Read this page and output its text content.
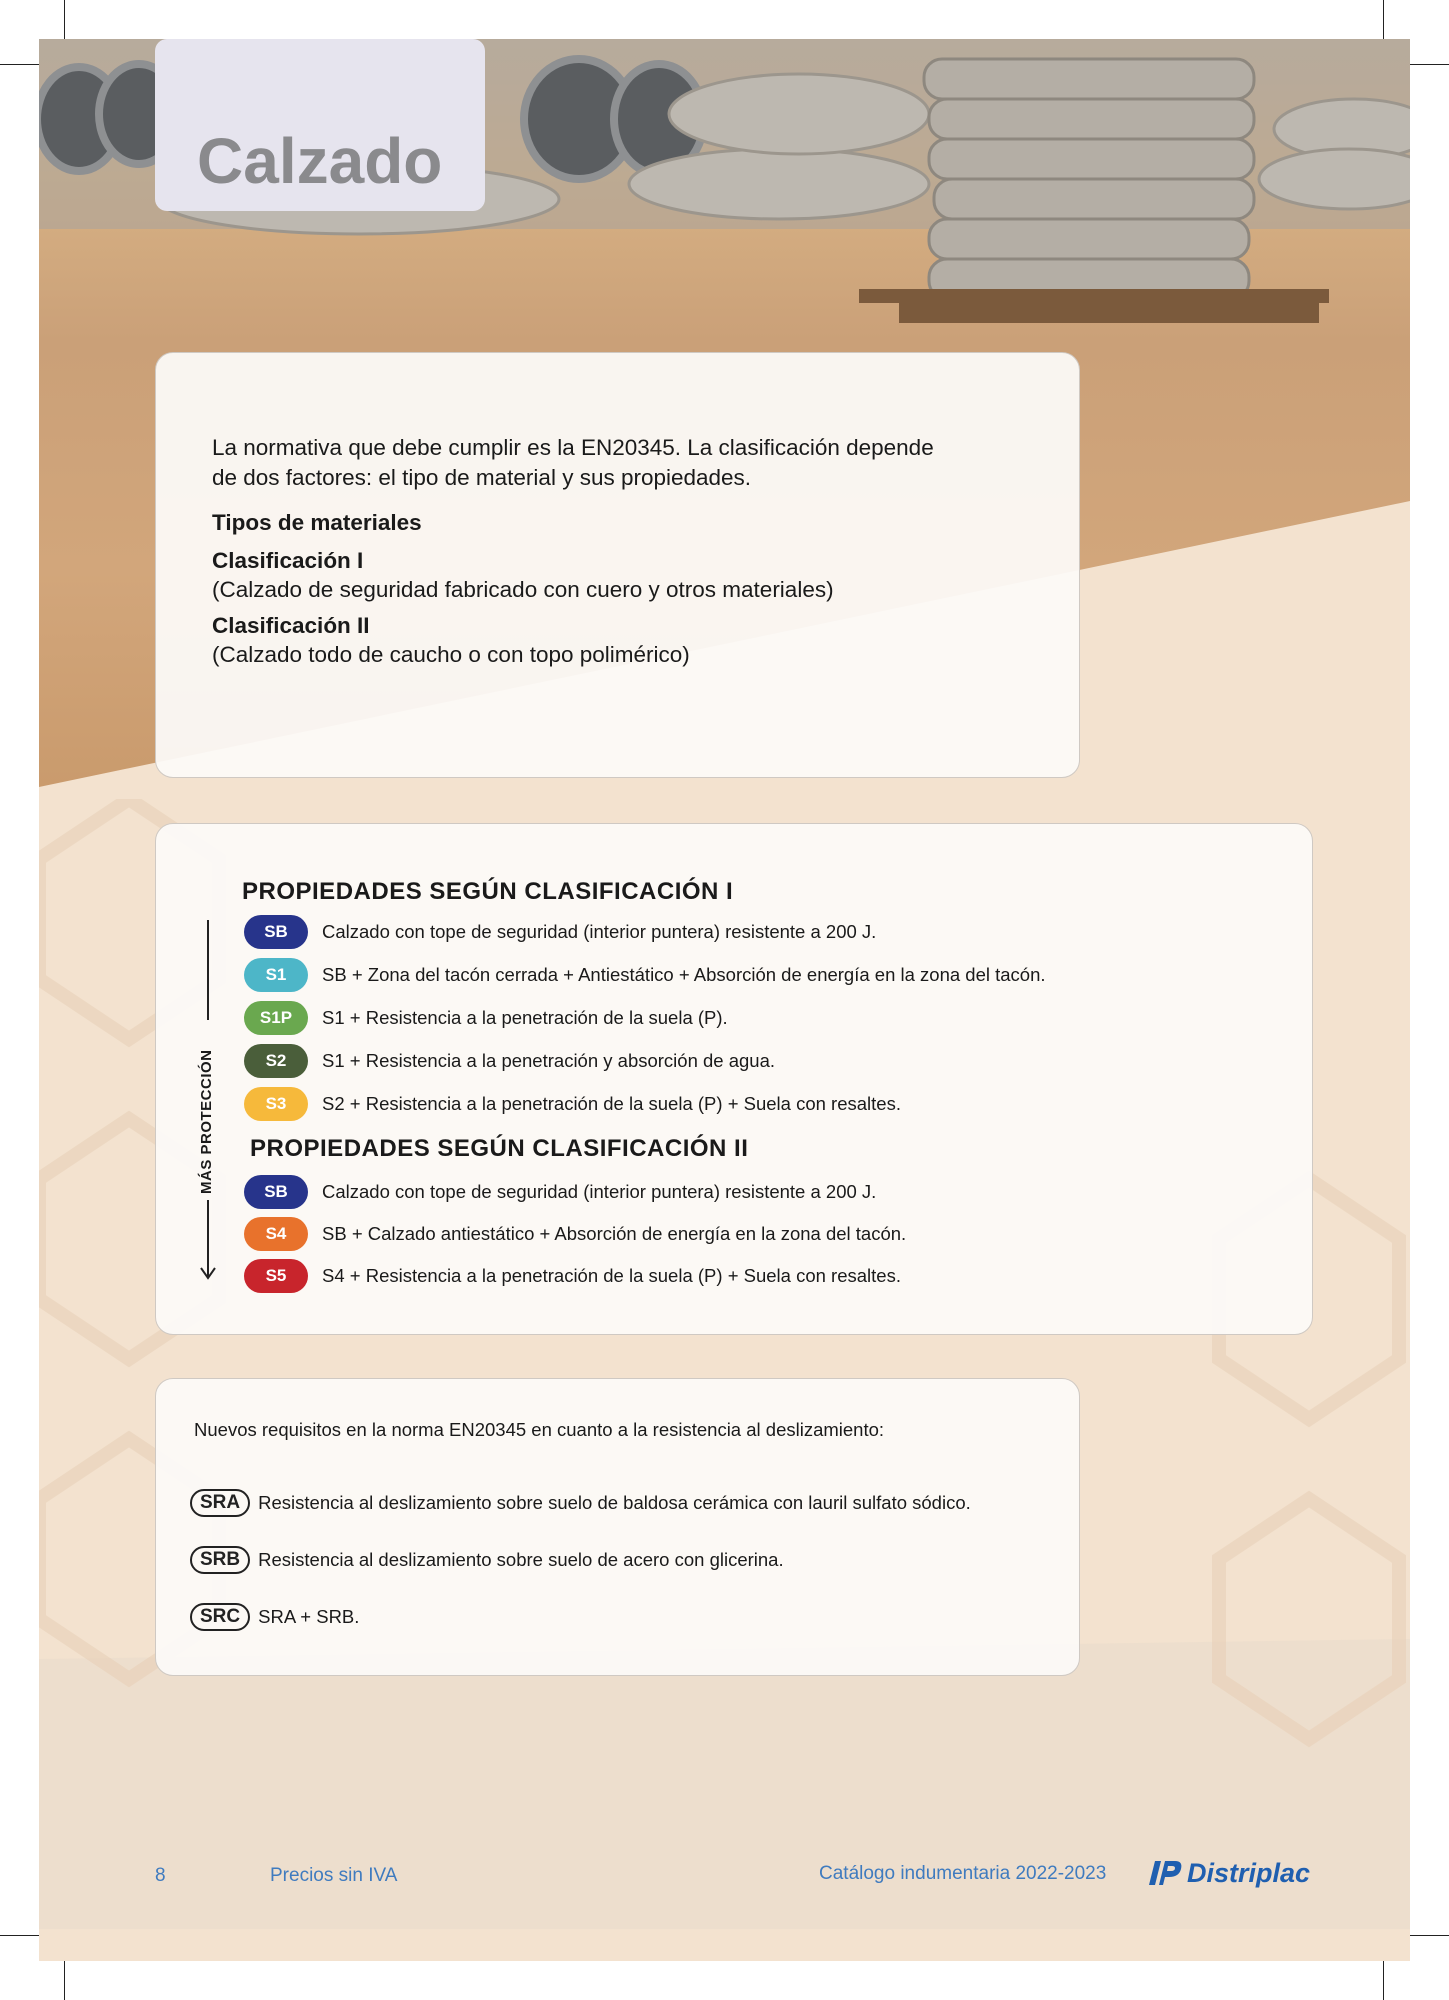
Calzado

La normativa que debe cumplir es la EN20345. La clasificación depende

de dos factores: el tipo de material y sus propiedades.

Tipos de materiales

Clasificación I

(Calzado de seguridad fabricado con cuero y otros materiales)

Clasificación II

(Calzado todo de caucho o con topo polimérico)

MÁS PROTECCIÓN
PROPIEDADES SEGÚN CLASIFICACIÓN I
SB	Calzado con tope de seguridad (interior puntera) resistente a 200 J.
S1	SB + Zona del tacón cerrada + Antiestático + Absorción de energía en la zona del tacón.
S1P	S1 + Resistencia a la penetración de la suela (P).
S2	S1 + Resistencia a la penetración y absorción de agua.
S3	S2 + Resistencia a la penetración de la suela (P) + Suela con resaltes.
PROPIEDADES SEGÚN CLASIFICACIÓN II
SB	Calzado con tope de seguridad (interior puntera) resistente a 200 J.
S4	SB + Calzado antiestático + Absorción de energía en la zona del tacón.
S5	S4 + Resistencia a la penetración de la suela (P) + Suela con resaltes.
Nuevos requisitos en la norma EN20345 en cuanto a la resistencia al deslizamiento:
SRA Resistencia al deslizamiento sobre suelo de baldosa cerámica con lauril sulfato sódico.
SRB Resistencia al deslizamiento sobre suelo de acero con glicerina.
SRC SRA + SRB.
8	Precios sin IVA	Catálogo indumentaria 2022-2023	Distriplac
